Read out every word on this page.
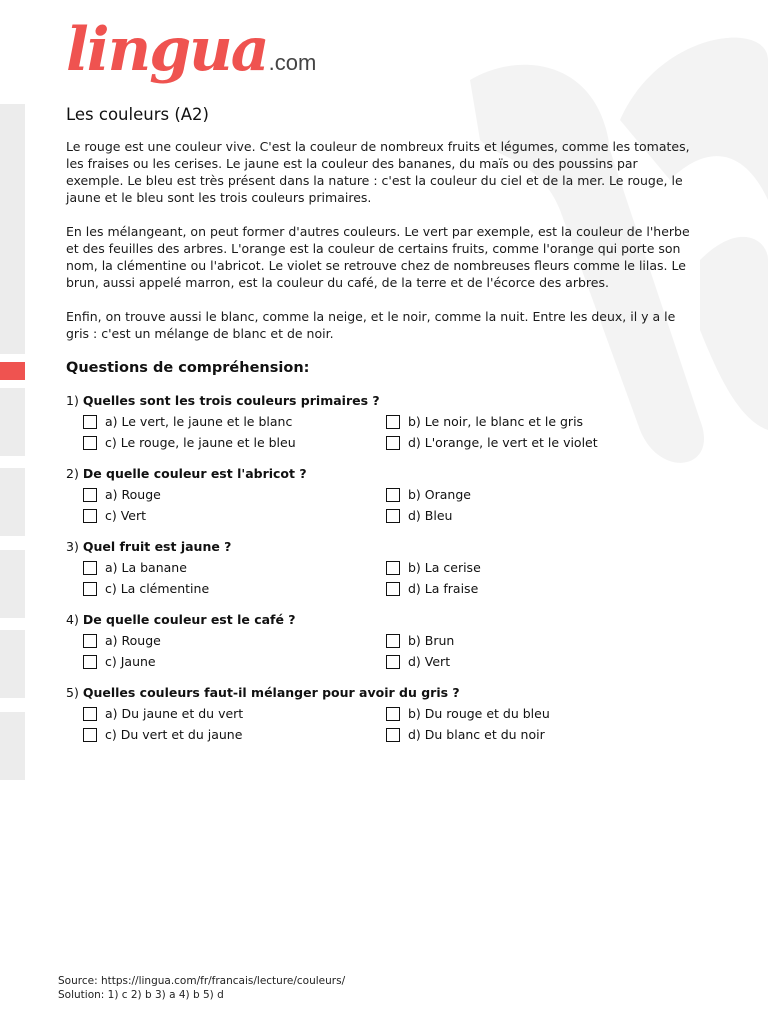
lingua .com
Les couleurs (A2)

Le rouge est une couleur vive. C'est la couleur de nombreux fruits et légumes, comme les tomates, les fraises ou les cerises. Le jaune est la couleur des bananes, du maïs ou des poussins par exemple. Le bleu est très présent dans la nature : c'est la couleur du ciel et de la mer. Le rouge, le jaune et le bleu sont les trois couleurs primaires.

En les mélangeant, on peut former d'autres couleurs. Le vert par exemple, est la couleur de l'herbe et des feuilles des arbres. L'orange est la couleur de certains fruits, comme l'orange qui porte son nom, la clémentine ou l'abricot. Le violet se retrouve chez de nombreuses fleurs comme le lilas. Le brun, aussi appelé marron, est la couleur du café, de la terre et de l'écorce des arbres.

Enfin, on trouve aussi le blanc, comme la neige, et le noir, comme la nuit. Entre les deux, il y a le gris : c'est un mélange de blanc et de noir.

Questions de compréhension:
1) Quelles sont les trois couleurs primaires ?
a) Le vert, le jaune et le blanc	b) Le noir, le blanc et le gris
c) Le rouge, le jaune et le bleu	d) L'orange, le vert et le violet
2) De quelle couleur est l'abricot ?
a) Rouge	b) Orange
c) Vert	d) Bleu
3) Quel fruit est jaune ?
a) La banane	b) La cerise
c) La clémentine	d) La fraise
4) De quelle couleur est le café ?
a) Rouge	b) Brun
c) Jaune	d) Vert
5) Quelles couleurs faut-il mélanger pour avoir du gris ?
a) Du jaune et du vert	b) Du rouge et du bleu
c) Du vert et du jaune	d) Du blanc et du noir
Source: https://lingua.com/fr/francais/lecture/couleurs/
Solution: 1) c 2) b 3) a 4) b 5) d
